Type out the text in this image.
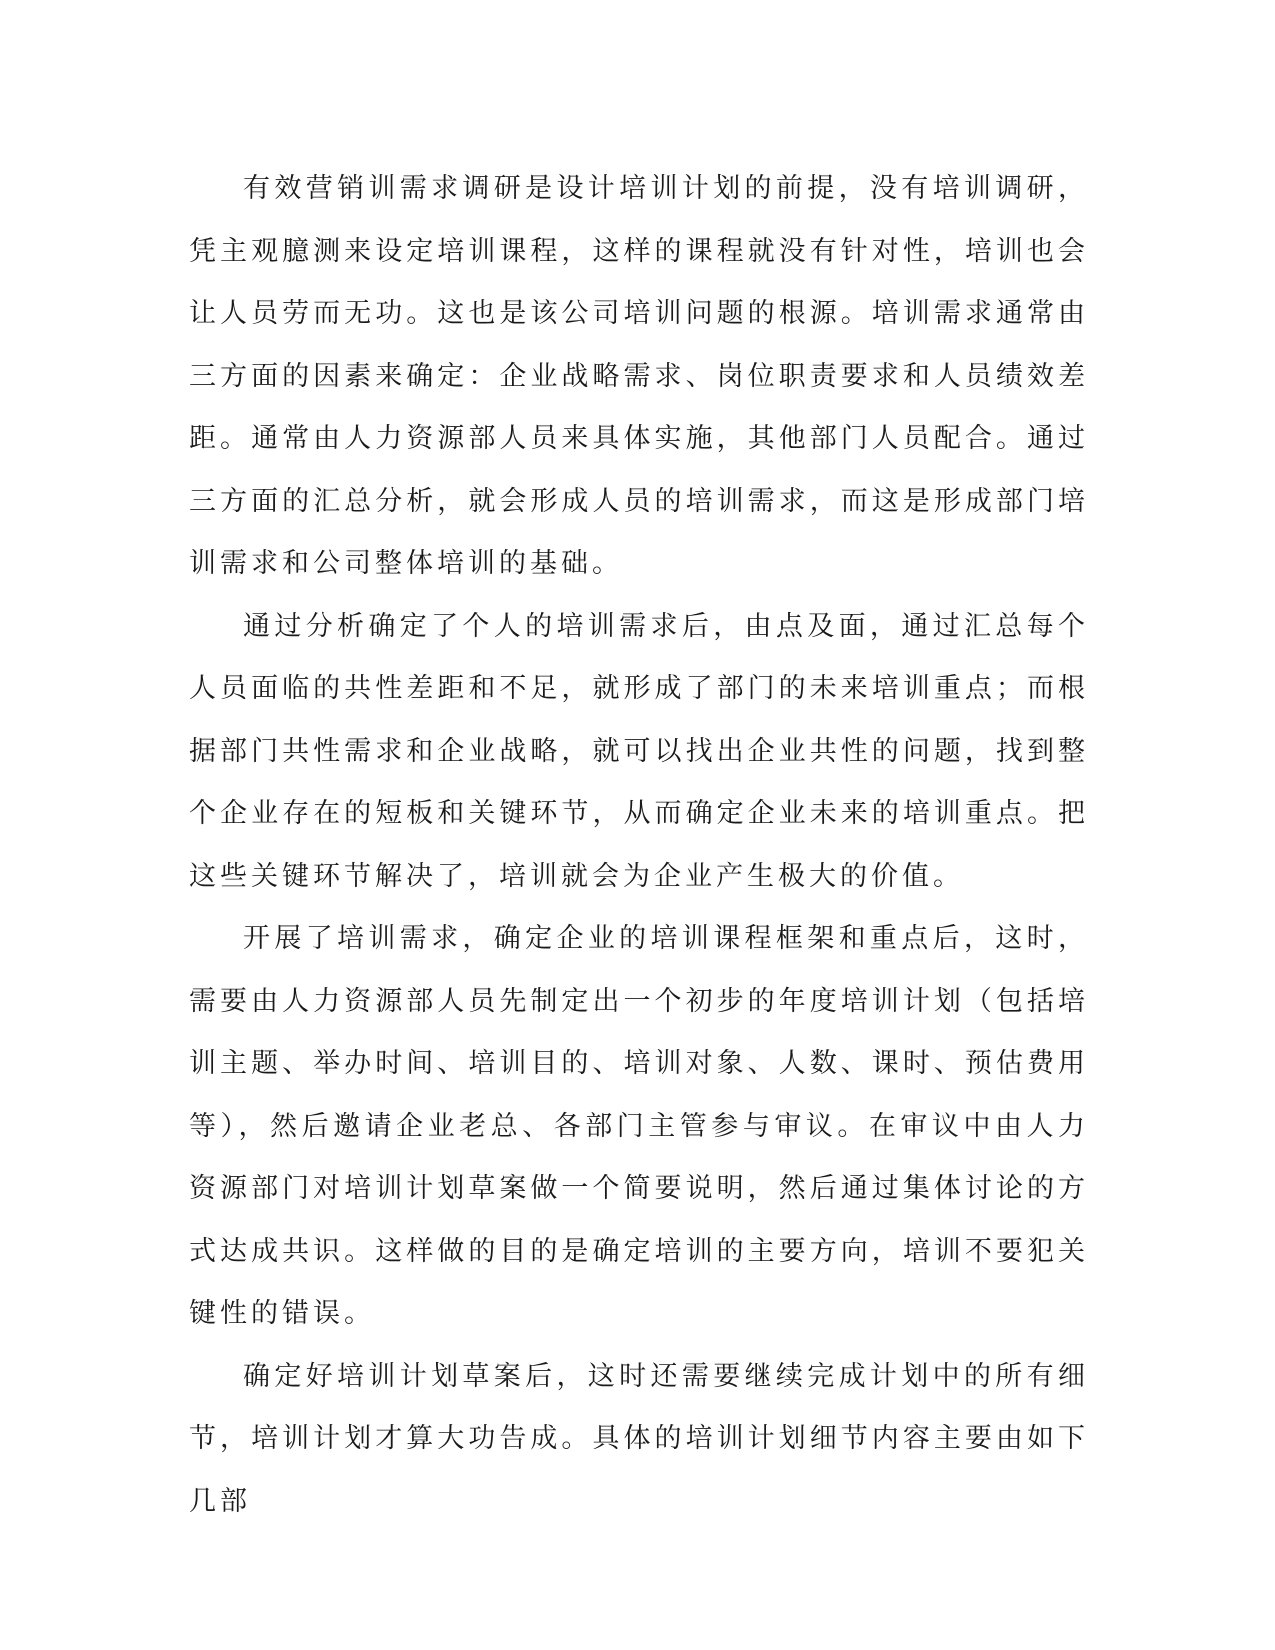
有效营销训需求调研是设计培训计划的前提，没有培训调研，凭主观臆测来设定培训课程，这样的课程就没有针对性，培训也会让人员劳而无功。这也是该公司培训问题的根源。培训需求通常由三方面的因素来确定：企业战略需求、岗位职责要求和人员绩效差距。通常由人力资源部人员来具体实施，其他部门人员配合。通过三方面的汇总分析，就会形成人员的培训需求，而这是形成部门培训需求和公司整体培训的基础。

通过分析确定了个人的培训需求后，由点及面，通过汇总每个人员面临的共性差距和不足，就形成了部门的未来培训重点；而根据部门共性需求和企业战略，就可以找出企业共性的问题，找到整个企业存在的短板和关键环节，从而确定企业未来的培训重点。把这些关键环节解决了，培训就会为企业产生极大的价值。

开展了培训需求，确定企业的培训课程框架和重点后，这时，需要由人力资源部人员先制定出一个初步的年度培训计划（包括培训主题、举办时间、培训目的、培训对象、人数、课时、预估费用等），然后邀请企业老总、各部门主管参与审议。在审议中由人力资源部门对培训计划草案做一个简要说明，然后通过集体讨论的方式达成共识。这样做的目的是确定培训的主要方向，培训不要犯关键性的错误。

确定好培训计划草案后，这时还需要继续完成计划中的所有细节，培训计划才算大功告成。具体的培训计划细节内容主要由如下几部
